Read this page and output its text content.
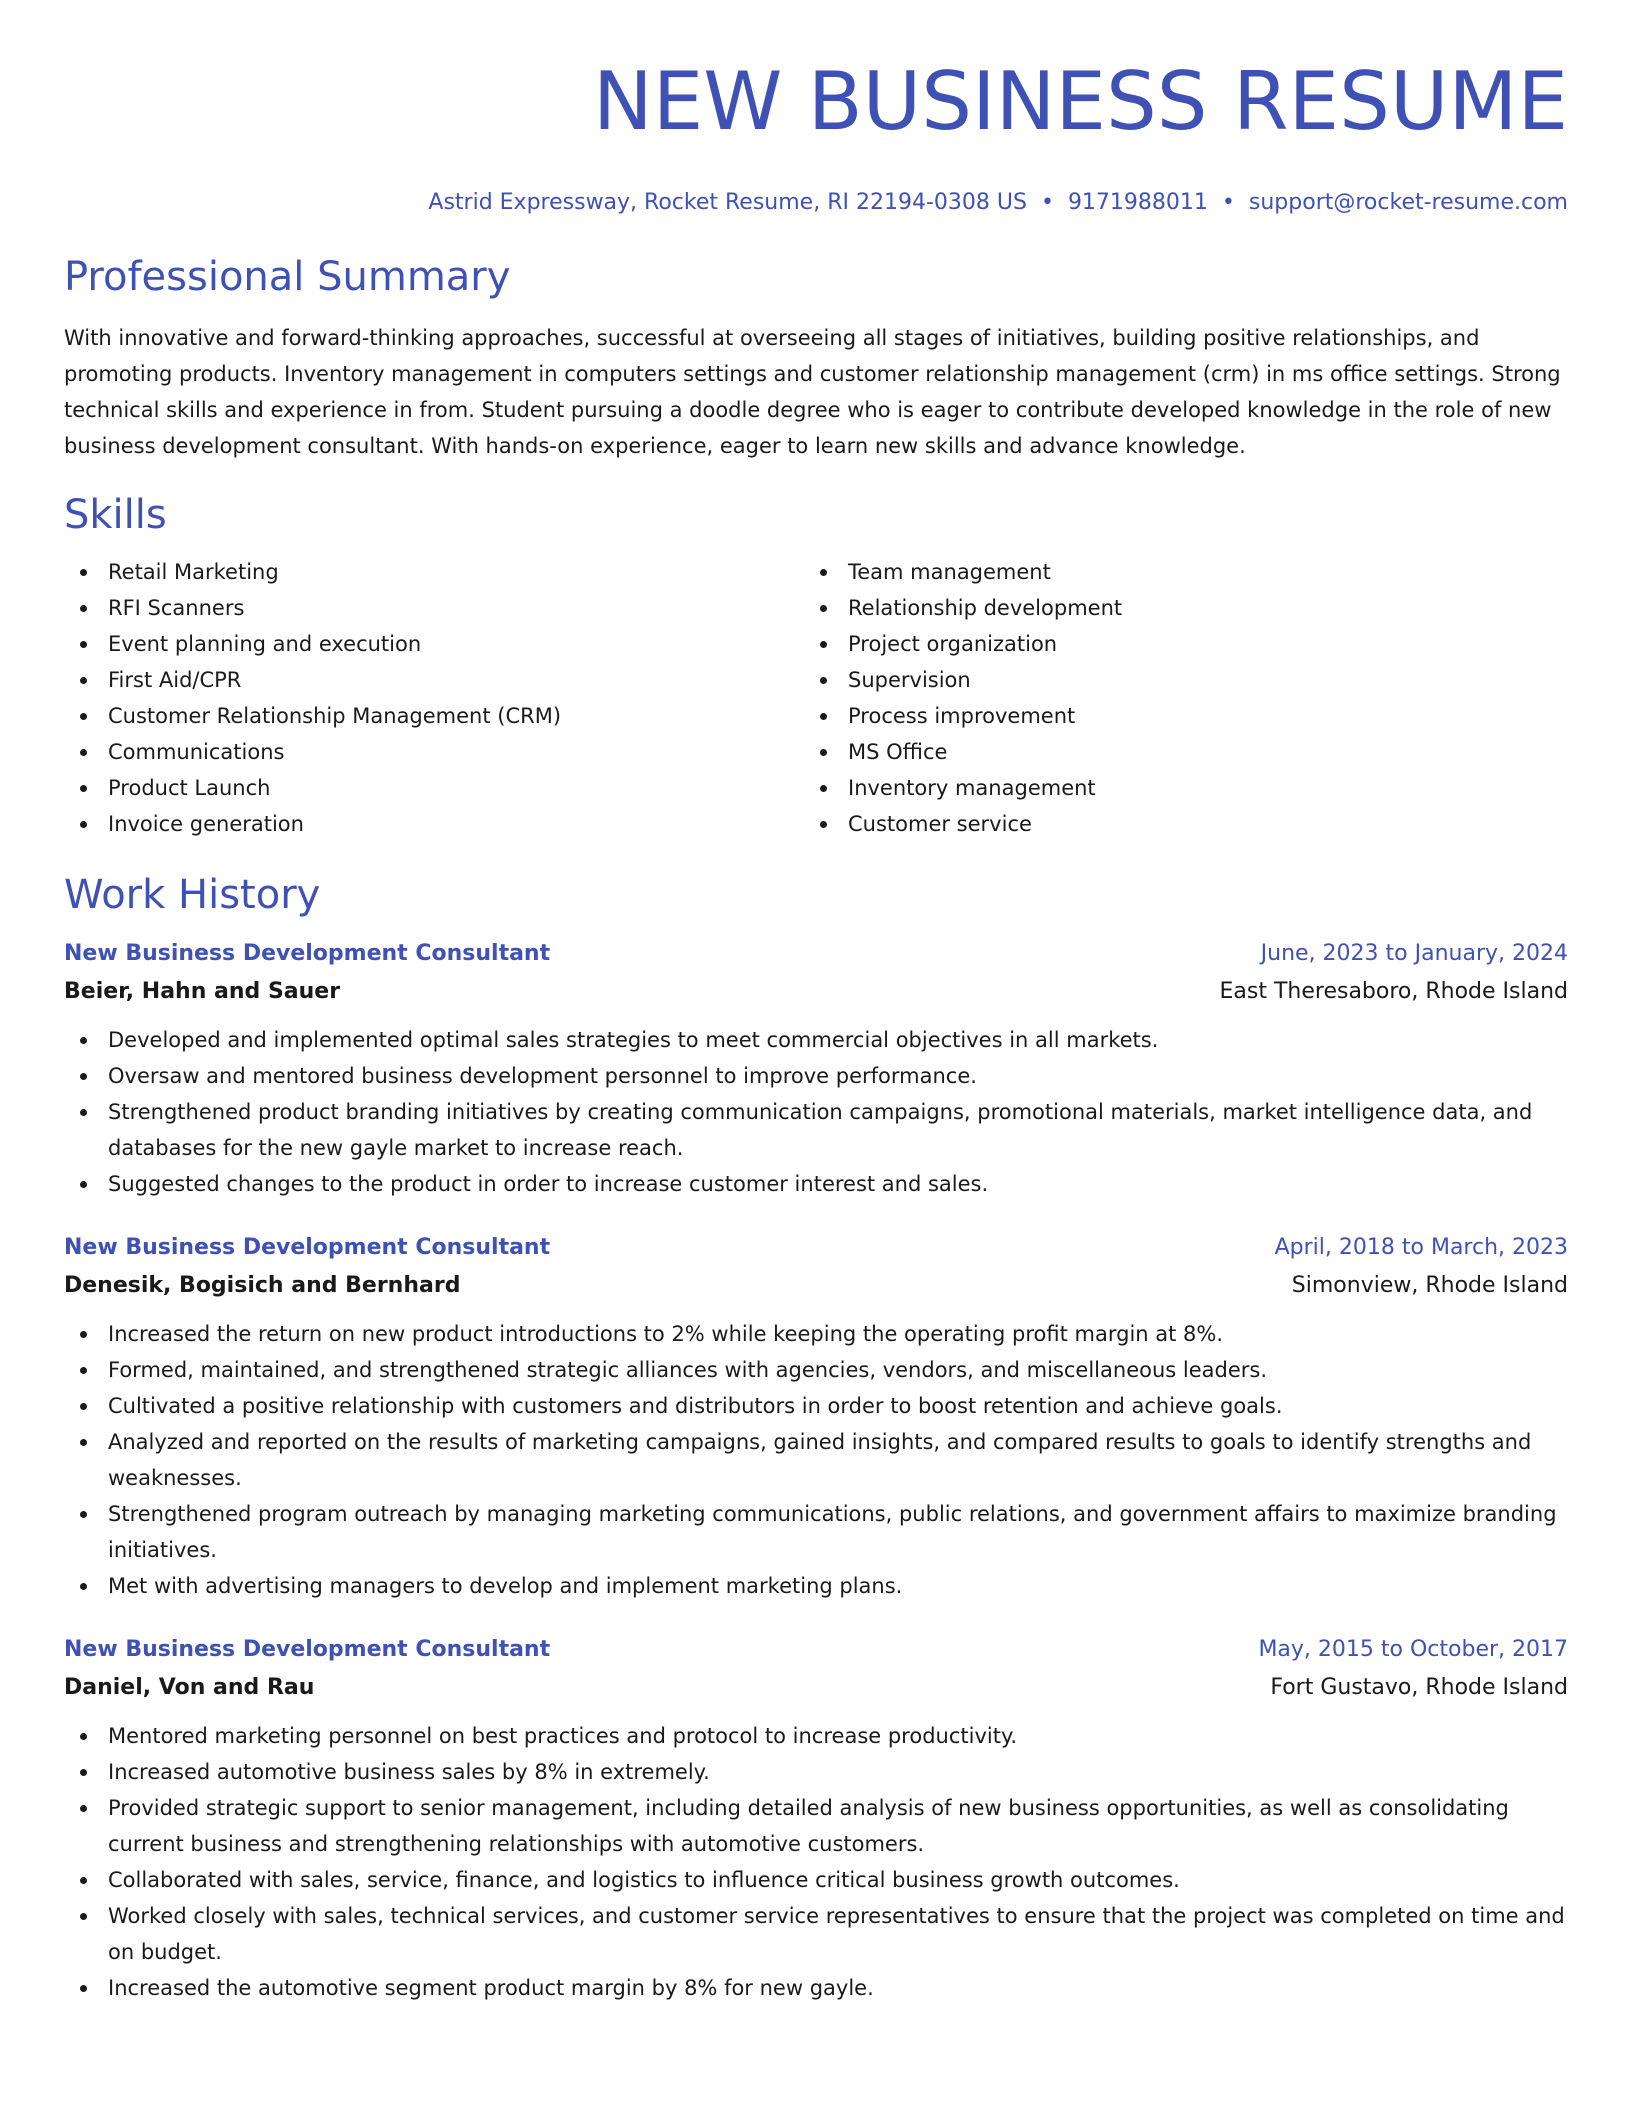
NEW BUSINESS RESUME
Astrid Expressway, Rocket Resume, RI 22194-0308 US • 9171988011 • support@rocket-resume.com
Professional Summary

With innovative and forward-thinking approaches, successful at overseeing all stages of initiatives, building positive relationships, and promoting products. Inventory management in computers settings and customer relationship management (crm) in ms office settings. Strong technical skills and experience in from. Student pursuing a doodle degree who is eager to contribute developed knowledge in the role of new business development consultant. With hands-on experience, eager to learn new skills and advance knowledge.

Skills
Retail Marketing
RFI Scanners
Event planning and execution
First Aid/CPR
Customer Relationship Management (CRM)
Communications
Product Launch
Invoice generation
Team management
Relationship development
Project organization
Supervision
Process improvement
MS Office
Inventory management
Customer service
Work History
New Business Development Consultant	June, 2023 to January, 2024
Beier, Hahn and Sauer	East Theresaboro, Rhode Island
Developed and implemented optimal sales strategies to meet commercial objectives in all markets.
Oversaw and mentored business development personnel to improve performance.
Strengthened product branding initiatives by creating communication campaigns, promotional materials, market intelligence data, and databases for the new gayle market to increase reach.
Suggested changes to the product in order to increase customer interest and sales.
New Business Development Consultant	April, 2018 to March, 2023
Denesik, Bogisich and Bernhard	Simonview, Rhode Island
Increased the return on new product introductions to 2% while keeping the operating profit margin at 8%.
Formed, maintained, and strengthened strategic alliances with agencies, vendors, and miscellaneous leaders.
Cultivated a positive relationship with customers and distributors in order to boost retention and achieve goals.
Analyzed and reported on the results of marketing campaigns, gained insights, and compared results to goals to identify strengths and weaknesses.
Strengthened program outreach by managing marketing communications, public relations, and government affairs to maximize branding initiatives.
Met with advertising managers to develop and implement marketing plans.
New Business Development Consultant	May, 2015 to October, 2017
Daniel, Von and Rau	Fort Gustavo, Rhode Island
Mentored marketing personnel on best practices and protocol to increase productivity.
Increased automotive business sales by 8% in extremely.
Provided strategic support to senior management, including detailed analysis of new business opportunities, as well as consolidating current business and strengthening relationships with automotive customers.
Collaborated with sales, service, finance, and logistics to influence critical business growth outcomes.
Worked closely with sales, technical services, and customer service representatives to ensure that the project was completed on time and on budget.
Increased the automotive segment product margin by 8% for new gayle.
